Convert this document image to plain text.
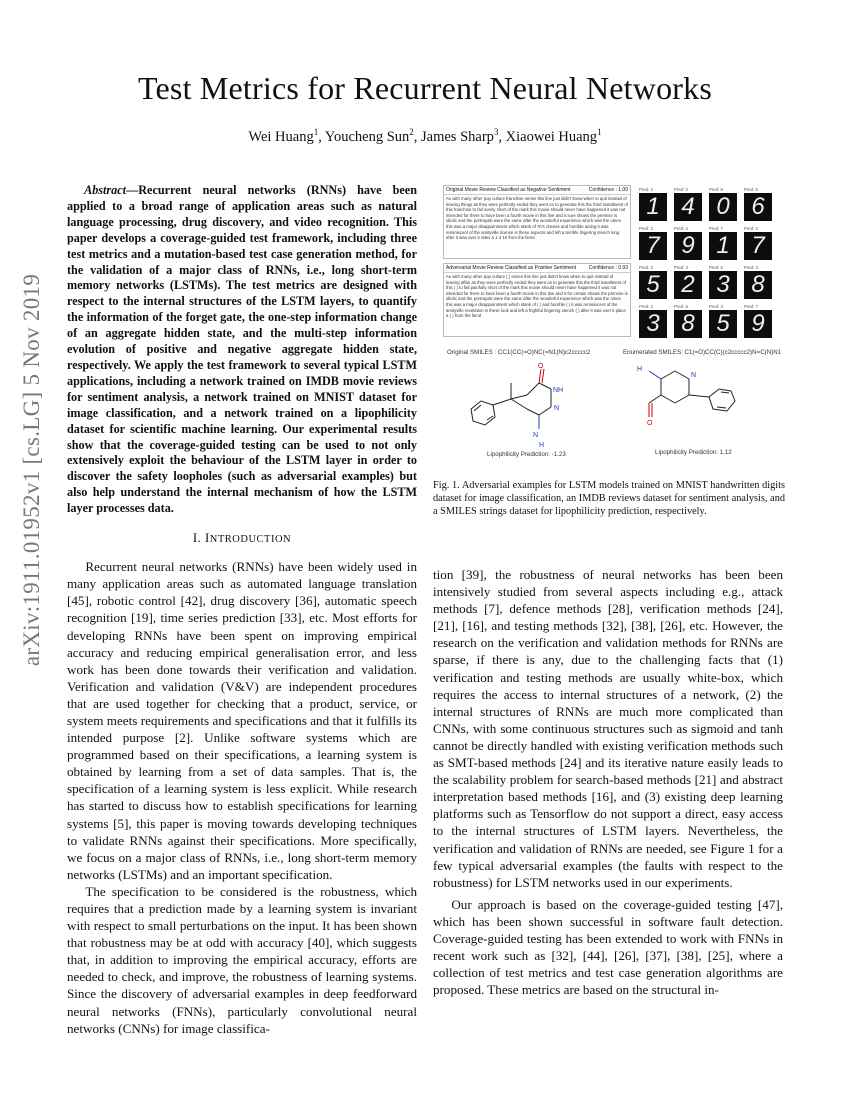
arXiv:1911.01952v1 [cs.LG] 5 Nov 2019
Test Metrics for Recurrent Neural Networks
Wei Huang$^1$, Youcheng Sun$^2$, James Sharp$^3$, Xiaowei Huang$^1$

Abstract—Recurrent neural networks (RNNs) have been applied to a broad range of application areas such as natural language processing, drug discovery, and video recognition. This paper develops a coverage-guided test framework, including three test metrics and a mutation-based test case generation method, for the validation of a major class of RNNs, i.e., long short-term memory networks (LSTMs). The test metrics are designed with respect to the internal structures of the LSTM layers, to quantify the information of the forget gate, the one-step information change of an aggregate hidden state, and the multi-step information evolution of positive and negative aggregate hidden state, respectively. We apply the test framework to several typical LSTM applications, including a network trained on IMDB movie reviews for sentiment analysis, a network trained on MNIST dataset for image classification, and a network trained on a lipophilicity dataset for scientific machine learning. Our experimental results show that the coverage-guided testing can be used to not only extensively exploit the behaviour of the LSTM layer in order to discover the safety loopholes (such as adversarial examples) but also help understand the internal mechanism of how the LSTM layer processes data.

I. INTRODUCTION

Recurrent neural networks (RNNs) have been widely used in many application areas such as automated language translation [45], robotic control [42], drug discovery [36], automatic speech recognition [19], time series prediction [33], etc. Most efforts for developing RNNs have been spent on improving empirical accuracy and reducing empirical generalisation error, and less work has been done towards their verification and validation. Verification and validation (V&V) are independent procedures that are used together for checking that a product, service, or system meets requirements and specifications and that it fulfills its intended purpose [2]. Unlike software systems which are programmed based on their specifications, a learning system is obtained by learning from a set of data samples. That is, the specification of a learning system is less explicit. While research has started to discuss how to establish specifications for learning systems [5], this paper is moving towards developing techniques to validate RNNs against their specifications. More specifically, we focus on a major class of RNNs, i.e., long short-term memory networks (LSTMs) and an important specification.

The specification to be considered is the robustness, which requires that a prediction made by a learning system is invariant with respect to small perturbations on the input. It has been shown that robustness may be at odd with accuracy [40], which suggests that, in addition to improving the empirical accuracy, efforts are needed to check, and improve, the robustness of learning systems. Since the discovery of adversarial examples in deep feedforward neural networks (FNNs), particularly convolutional neural networks (CNNs) for image classifica-

Original Movie Review Classified as Negative Sentiment	Confidence : 1.00
As with many other pop culture franchise series this line just didn't know when to quit instead of leaving things as they were perfectly ended they went on to generate this the third installment of this franchise to fail sorely short of the mark this movie should never have happened it was not intended for there to have been a fourth movie in this line and it sure shows the premise is idiotic and the portrayals were the same after the wonderful experience which was the omen this was a major disappointment which stank of 70's cheese and horrible acting it was reminiscent of the amityville license is these aspects and left a terrible lingering stench long after it was over it rates a 1 4 10 from the fiend
Adversarial Movie Review Classified as Positive Sentiment	Confidence : 0.93
As with many other pop culture ( ) series this line just didn't know when to quit instead of leaving affair as they were perfectly ended they went on to generate this the third installment of this ( ) to fail painfully short of the mark this movie should never have happened it was not intended for there to have been a fourth movie in this line and it for certain shows the premise is idiotic and the portrayals were the same after the wonderful experience which was the omen this was a major disappointment which stank of ( ) and horrible ( ) it was reminiscent of the amityville revelation in these look and left a frightful lingering stench ( ) after it was over it place a ( ) from the fiend
Pred: 4
1
Pred: 0
4
Pred: 8
0
Pred: 5
6
Pred: 3
7
Pred: 4
9
Pred: 7
1
Pred: 2
7
Pred: 3
5
Pred: 3
2
Pred: 5
3
Pred: 3
8
Pred: 2
3
Pred: 5
8
Pred: 3
5
Pred: 7
9
Original SMILES : CC1(CC(=O)NC(=N1)N)c2ccccc2	Enumerated SMILES: C1(=O)CC(C)(c2ccccc2)N=C(N)N1
O
NH
N
N
H
H
O
N
Lipophilicity Prediction: -1.23	Lipophilicity Prediction: 1.12
Fig. 1. Adversarial examples for LSTM models trained on MNIST handwritten digits dataset for image classification, an IMDB reviews dataset for sentiment analysis, and a SMILES strings dataset for lipophilicity prediction, respectively.

tion [39], the robustness of neural networks has been been intensively studied from several aspects including e.g., attack methods [7], defence methods [28], verification methods [24], [21], [16], and testing methods [32], [38], [26], etc. However, the research on the verification and validation methods for RNNs are sparse, if there is any, due to the challenging facts that (1) verification and testing methods are usually white-box, which requires the access to internal structures of a network, (2) the internal structures of RNNs are much more complicated than CNNs, with some continuous structures such as sigmoid and tanh cannot be directly handled with existing verification methods such as SMT-based methods [24] and its iterative nature easily leads to the scalability problem for search-based methods [21] and abstract interpretation based methods [16], and (3) existing deep learning platforms such as Tensorflow do not support a direct, easy access to the internal structures of LSTM layers. Nevertheless, the verification and validation of RNNs are needed, see Figure 1 for a few typical adversarial examples (the faults with respect to the robustness) for LSTM networks used in our experiments.

Our approach is based on the coverage-guided testing [47], which has been shown successful in software fault detection. Coverage-guided testing has been extended to work with FNNs in recent work such as [32], [44], [26], [37], [38], [25], where a collection of test metrics and test case generation algorithms are proposed. These metrics are based on the structural in-
